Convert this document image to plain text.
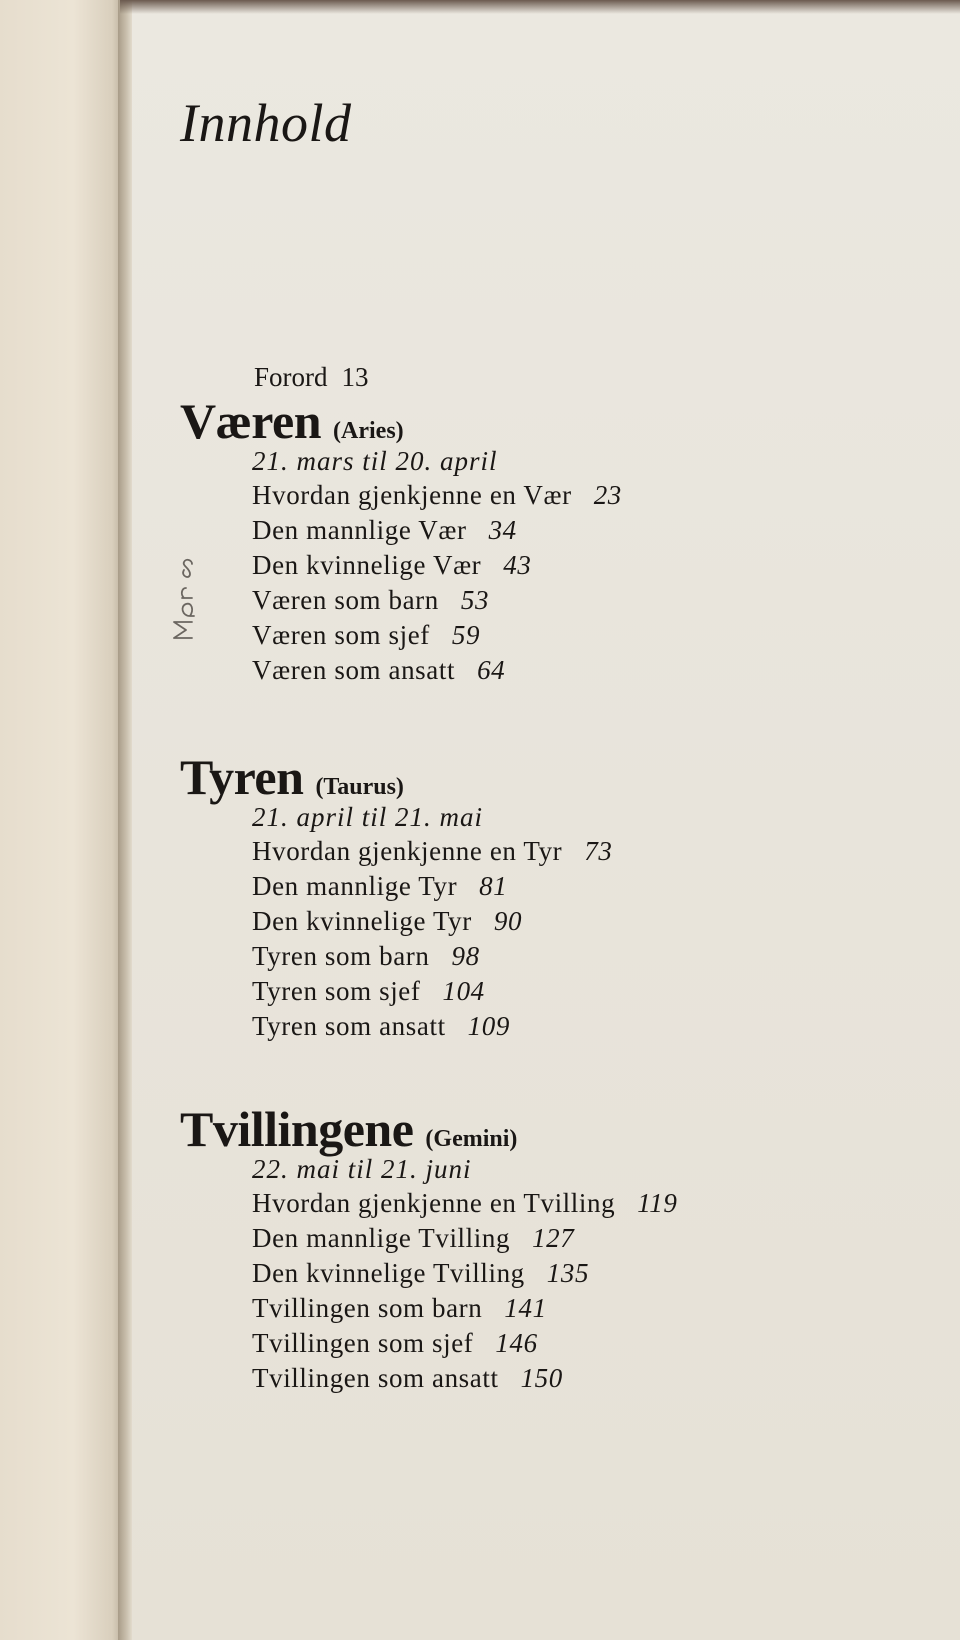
Innhold
Forord 13
Væren (Aries)
21. mars til 20. april
Hvordan gjenkjenne en Vær 23
Den mannlige Vær 34
Den kvinnelige Vær 43
Væren som barn 53
Væren som sjef 59
Væren som ansatt 64
Tyren (Taurus)
21. april til 21. mai
Hvordan gjenkjenne en Tyr 73
Den mannlige Tyr 81
Den kvinnelige Tyr 90
Tyren som barn 98
Tyren som sjef 104
Tyren som ansatt 109
Tvillingene (Gemini)
22. mai til 21. juni
Hvordan gjenkjenne en Tvilling 119
Den mannlige Tvilling 127
Den kvinnelige Tvilling 135
Tvillingen som barn 141
Tvillingen som sjef 146
Tvillingen som ansatt 150
